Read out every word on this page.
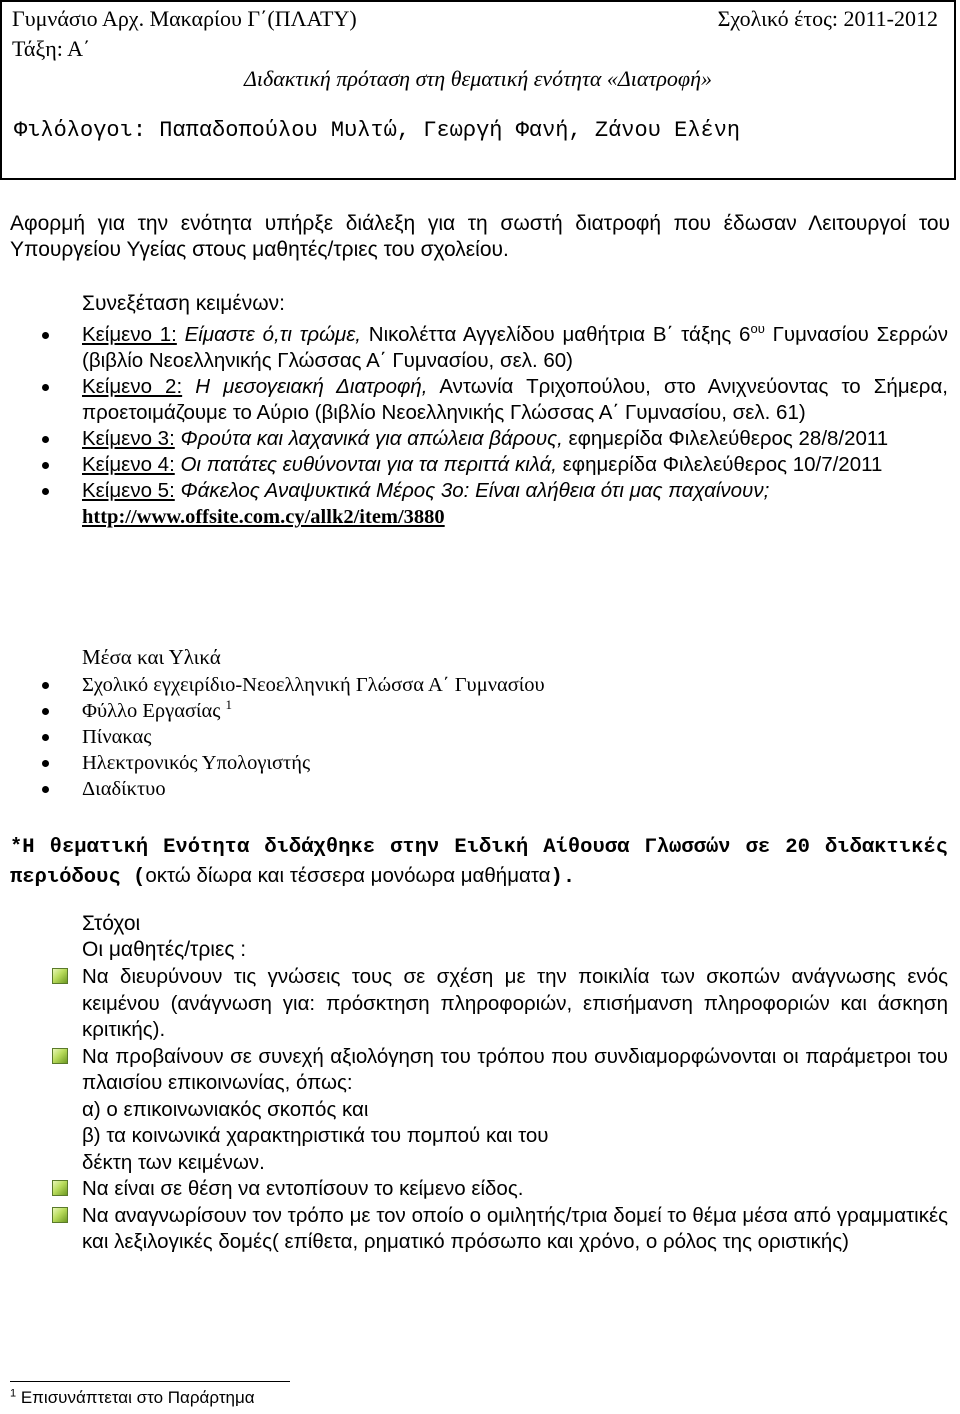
Γυμνάσιο Αρχ. Μακαρίου Γ΄(ΠΛΑΤΥ)	Σχολικό έτος: 2011-2012
Τάξη: Α΄
Διδακτική πρόταση στη θεματική ενότητα «Διατροφή»
Φιλόλογοι: Παπαδοπούλου Μυλτώ, Γεωργή Φανή, Ζάνου Ελένη
Αφορμή για την ενότητα υπήρξε διάλεξη για τη σωστή διατροφή που έδωσαν Λειτουργοί του Υπουργείου Υγείας στους μαθητές/τριες του σχολείου.
Συνεξέταση κειμένων:
Κείμενο 1: Είμαστε ό,τι τρώμε, Νικολέττα Αγγελίδου μαθήτρια Β΄ τάξης $6^{o\upsilon}$ Γυμνασίου Σερρών (βιβλίο Νεοελληνικής Γλώσσας Α΄ Γυμνασίου, σελ. 60)
Κείμενο 2: Η μεσογειακή Διατροφή, Αντωνία Τριχοπούλου, στο Ανιχνεύοντας το Σήμερα, προετοιμάζουμε το Αύριο (βιβλίο Νεοελληνικής Γλώσσας Α΄ Γυμνασίου, σελ. 61)
Κείμενο 3: Φρούτα και λαχανικά για απώλεια βάρους, εφημερίδα Φιλελεύθερος 28/8/2011
Κείμενο 4: Οι πατάτες ευθύνονται για τα περιττά κιλά, εφημερίδα Φιλελεύθερος 10/7/2011
Κείμενο 5: Φάκελος Αναψυκτικά Μέρος 3ο: Είναι αλήθεια ότι μας παχαίνουν;
http://www.offsite.com.cy/allk2/item/3880
Μέσα και Υλικά
Σχολικό εγχειρίδιο-Νεοελληνική Γλώσσα Α΄ Γυμνασίου
Φύλλο Εργασίας $^1$
Πίνακας
Ηλεκτρονικός Υπολογιστής
Διαδίκτυο
*Η θεματική Ενότητα διδάχθηκε στην Ειδική Αίθουσα Γλωσσών σε 20 διδακτικές περιόδους (οκτώ δίωρα και τέσσερα μονόωρα μαθήματα).
Στόχοι
Οι μαθητές/τριες :
Να διευρύνουν τις γνώσεις τους σε σχέση με την ποικιλία των σκοπών ανάγνωσης ενός κειμένου (ανάγνωση για: πρόσκτηση πληροφοριών, επισήμανση πληροφοριών και άσκηση κριτικής).
Να προβαίνουν σε συνεχή αξιολόγηση του τρόπου που συνδιαμορφώνονται οι παράμετροι του πλαισίου επικοινωνίας, όπως:
α) ο επικοινωνιακός σκοπός και
β) τα κοινωνικά χαρακτηριστικά του πομπού και του
δέκτη των κειμένων.
Να είναι σε θέση να εντοπίσουν το κείμενο είδος.
Να αναγνωρίσουν τον τρόπο με τον οποίο ο ομιλητής/τρια δομεί το θέμα μέσα από γραμματικές και λεξιλογικές δομές( επίθετα, ρηματικό πρόσωπο και χρόνο, ο ρόλος της οριστικής)
$^1$ Επισυνάπτεται στο Παράρτημα
